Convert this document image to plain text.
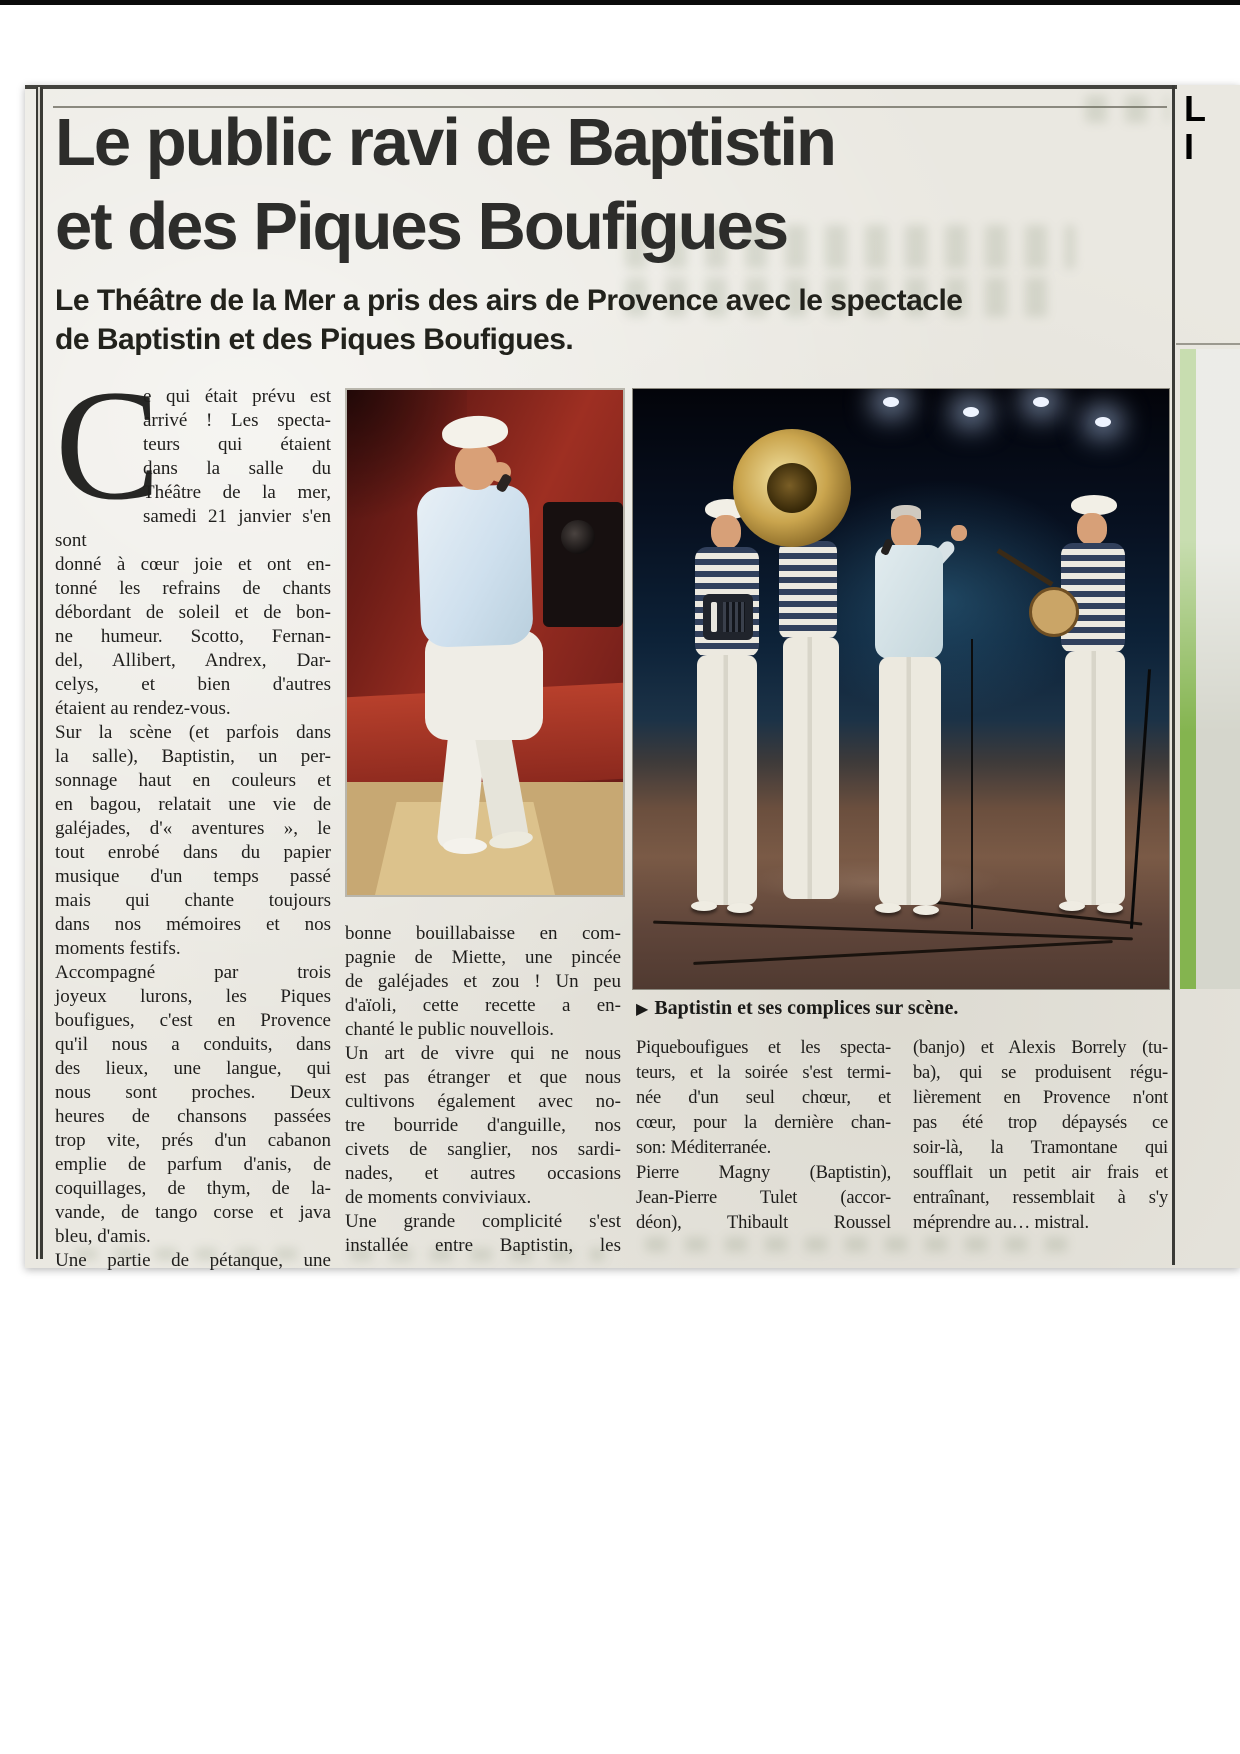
Le public ravi de Baptistin
et des Piques Boufigues
Le Théâtre de la Mer a pris des airs de Provence avec le spectacle
de Baptistin et des Piques Boufigues.
C
e qui était prévu est
arrivé ! Les specta-
teurs qui étaient
dans la salle du
Théâtre de la mer,
samedi 21 janvier s'en sont
donné à cœur joie et ont en-
tonné les refrains de chants
débordant de soleil et de bon-
ne humeur. Scotto, Fernan-
del, Allibert, Andrex, Dar-
celys, et bien d'autres
étaient au rendez-vous.
Sur la scène (et parfois dans
la salle), Baptistin, un per-
sonnage haut en couleurs et
en bagou, relatait une vie de
galéjades, d'« aventures », le
tout enrobé dans du papier
musique d'un temps passé
mais qui chante toujours
dans nos mémoires et nos
moments festifs.
Accompagné par trois
joyeux lurons, les Piques
boufigues, c'est en Provence
qu'il nous a conduits, dans
des lieux, une langue, qui
nous sont proches. Deux
heures de chansons passées
trop vite, prés d'un cabanon
emplie de parfum d'anis, de
coquillages, de thym, de la-
vande, de tango corse et java
bleu, d'amis.
Une partie de pétanque, une
bonne bouillabaisse en com-
pagnie de Miette, une pincée
de galéjades et zou ! Un peu
d'aïoli, cette recette a en-
chanté le public nouvellois.
Un art de vivre qui ne nous
est pas étranger et que nous
cultivons également avec no-
tre bourride d'anguille, nos
civets de sanglier, nos sardi-
nades, et autres occasions
de moments conviviaux.
Une grande complicité s'est
installée entre Baptistin, les
▶ Baptistin et ses complices sur scène.
Piqueboufigues et les specta-
teurs, et la soirée s'est termi-
née d'un seul chœur, et
cœur, pour la dernière chan-
son: Méditerranée.
Pierre Magny (Baptistin),
Jean-Pierre Tulet (accor-
déon), Thibault Roussel
(banjo) et Alexis Borrely (tu-
ba), qui se produisent régu-
lièrement en Provence n'ont
pas été trop dépaysés ce
soir-là, la Tramontane qui
soufflait un petit air frais et
entraînant, ressemblait à s'y
méprendre au… mistral.
L
I
